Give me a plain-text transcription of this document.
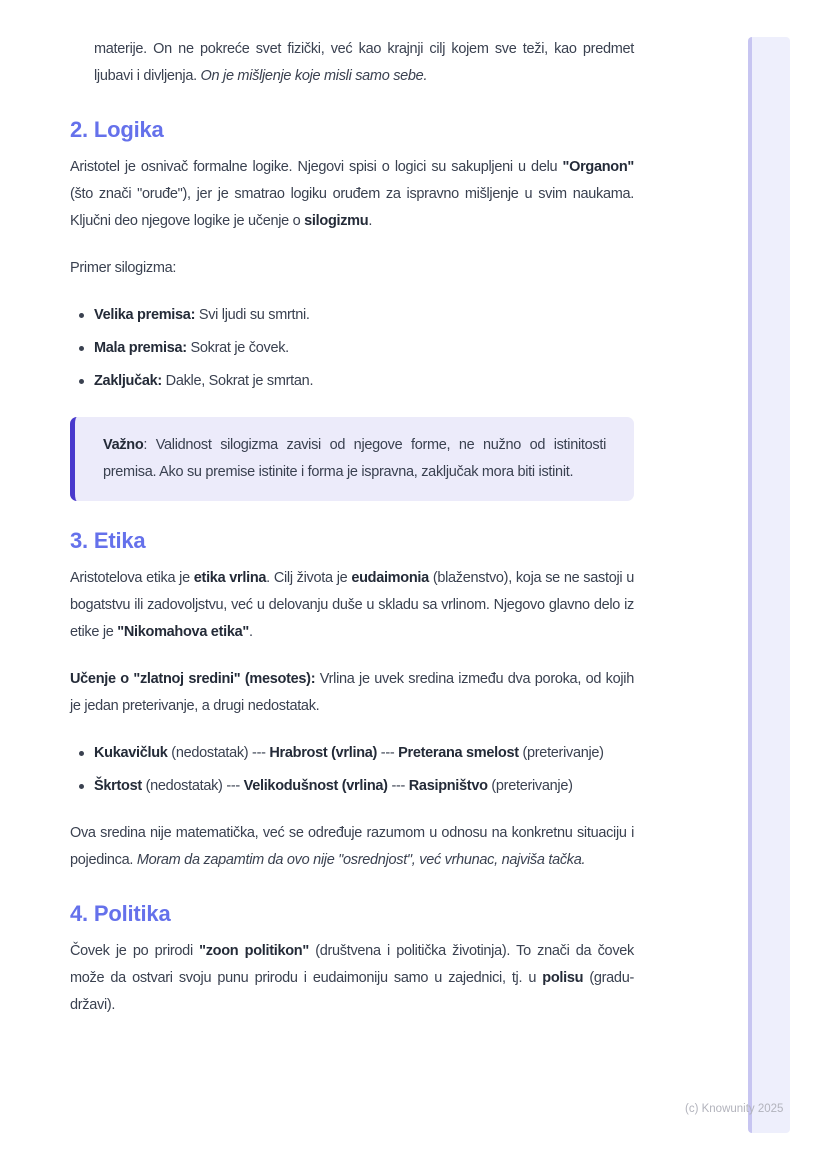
materije. On ne pokreće svet fizički, već kao krajnji cilj kojem sve teži, kao predmet ljubavi i divljenja. On je mišljenje koje misli samo sebe.

2. Logika

Aristotel je osnivač formalne logike. Njegovi spisi o logici su sakupljeni u delu "Organon" (što znači "oruđe"), jer je smatrao logiku oruđem za ispravno mišljenje u svim naukama. Ključni deo njegove logike je učenje o silogizmu.

Primer silogizma:

Velika premisa: Svi ljudi su smrtni.
Mala premisa: Sokrat je čovek.
Zaključak: Dakle, Sokrat je smrtan.

Važno: Validnost silogizma zavisi od njegove forme, ne nužno od istinitosti premisa. Ako su premise istinite i forma je ispravna, zaključak mora biti istinit.

3. Etika

Aristotelova etika je etika vrlina. Cilj života je eudaimonia (blaženstvo), koja se ne sastoji u bogatstvu ili zadovoljstvu, već u delovanju duše u skladu sa vrlinom. Njegovo glavno delo iz etike je "Nikomahova etika".

Učenje o "zlatnoj sredini" (mesotes): Vrlina je uvek sredina između dva poroka, od kojih je jedan preterivanje, a drugi nedostatak.

Kukavičluk (nedostatak) --- Hrabrost (vrlina) --- Preterana smelost (preterivanje)
Škrtost (nedostatak) --- Velikodušnost (vrlina) --- Rasipništvo (preterivanje)

Ova sredina nije matematička, već se određuje razumom u odnosu na konkretnu situaciju i pojedinca. Moram da zapamtim da ovo nije "osrednjost", već vrhunac, najviša tačka.

4. Politika

Čovek je po prirodi "zoon politikon" (društvena i politička životinja). To znači da čovek može da ostvari svoju punu prirodu i eudaimoniju samo u zajednici, tj. u polisu (gradu-državi).

(c) Knowunity 2025
